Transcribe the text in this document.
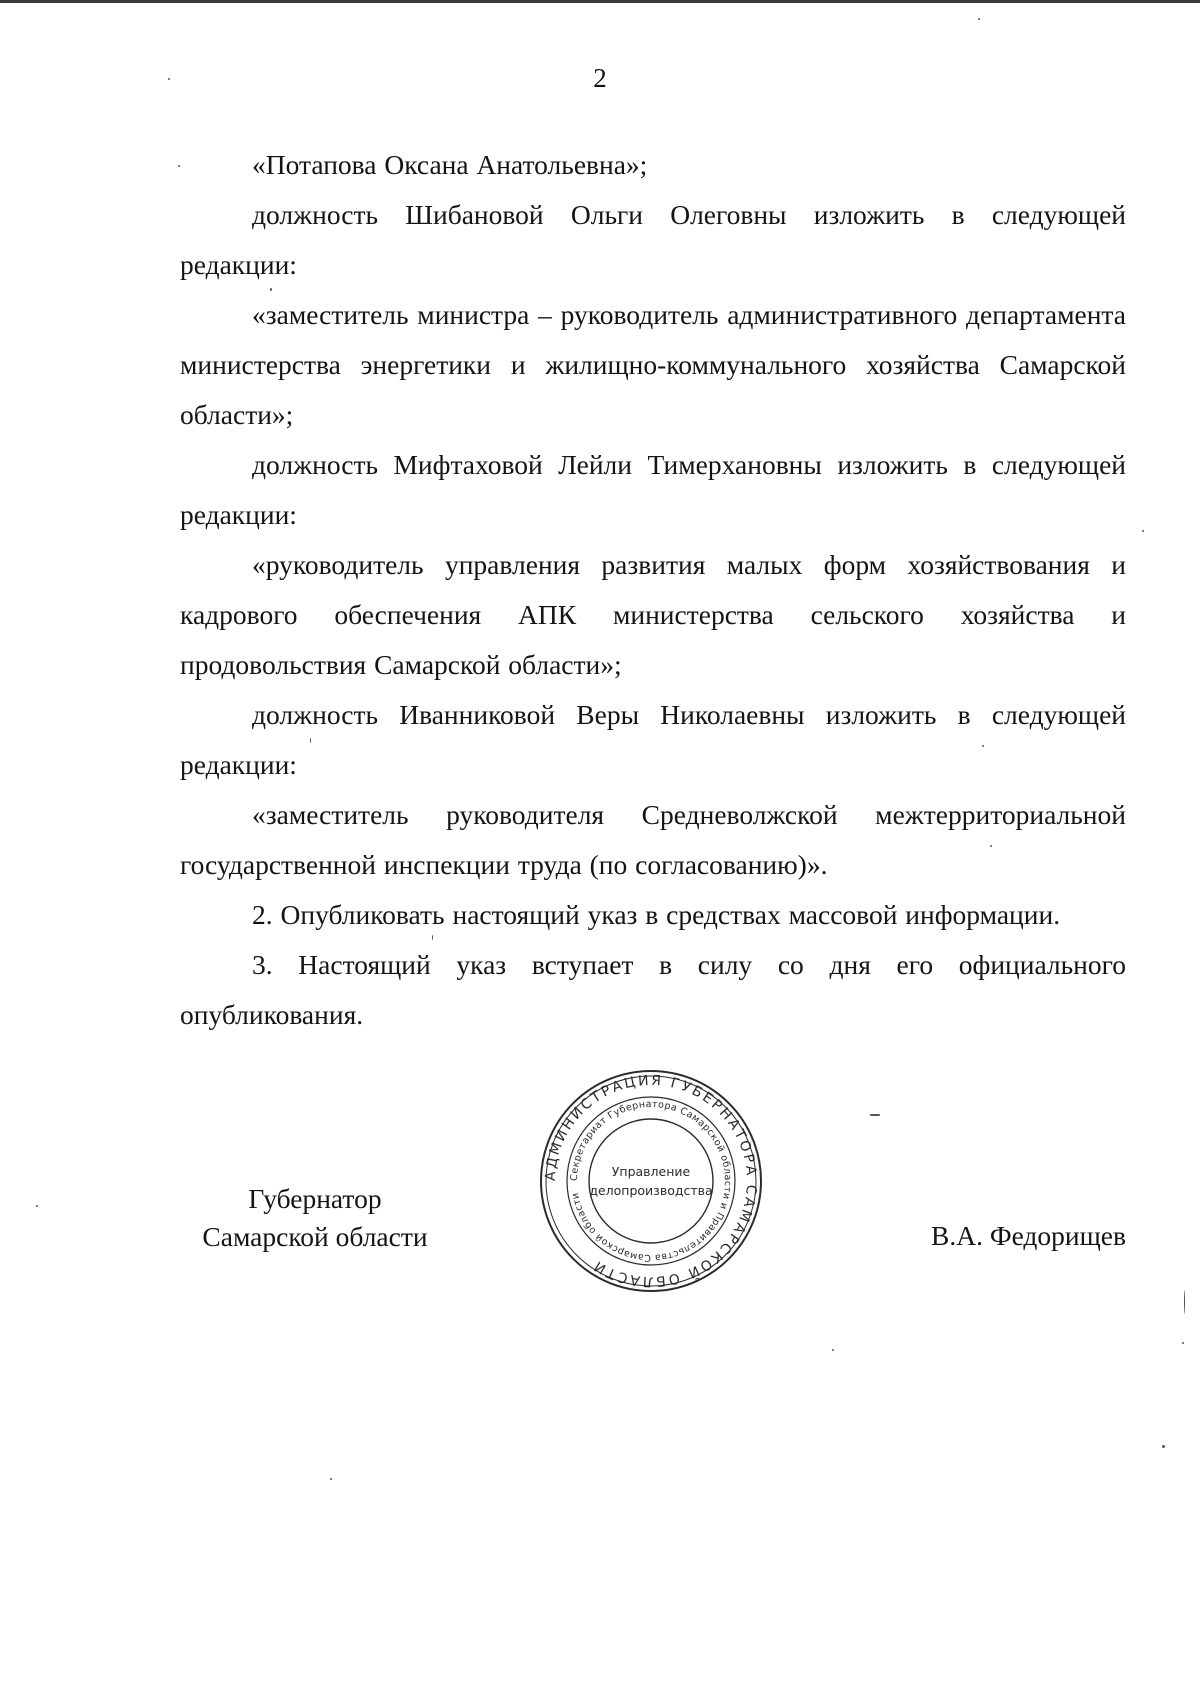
2

«Потапова Оксана Анатольевна»;

должность Шибановой Ольги Олеговны изложить в следующей редакции:

«заместитель министра – руководитель административного департамента министерства энергетики и жилищно-коммунального хозяйства Самарской области»;

должность Мифтаховой Лейли Тимерхановны изложить в следующей редакции:

«руководитель управления развития малых форм хозяйствования и кадрового обеспечения АПК министерства сельского хозяйства и продовольствия Самарской области»;

должность Иванниковой Веры Николаевны изложить в следующей редакции:

«заместитель руководителя Средневолжской межтерриториальной государственной инспекции труда (по согласованию)».

2. Опубликовать настоящий указ в средствах массовой информации.

3. Настоящий указ вступает в силу со дня его официального опубликования.

Губернатор
Самарской области
АДМИНИСТРАЦИЯ ГУБЕРНАТОРА САМАРСКОЙ ОБЛАСТИ
Секретариат Губернатора Самарской области и Правительства Самарской области
Управление
делопроизводства
В.А. Федорищев
